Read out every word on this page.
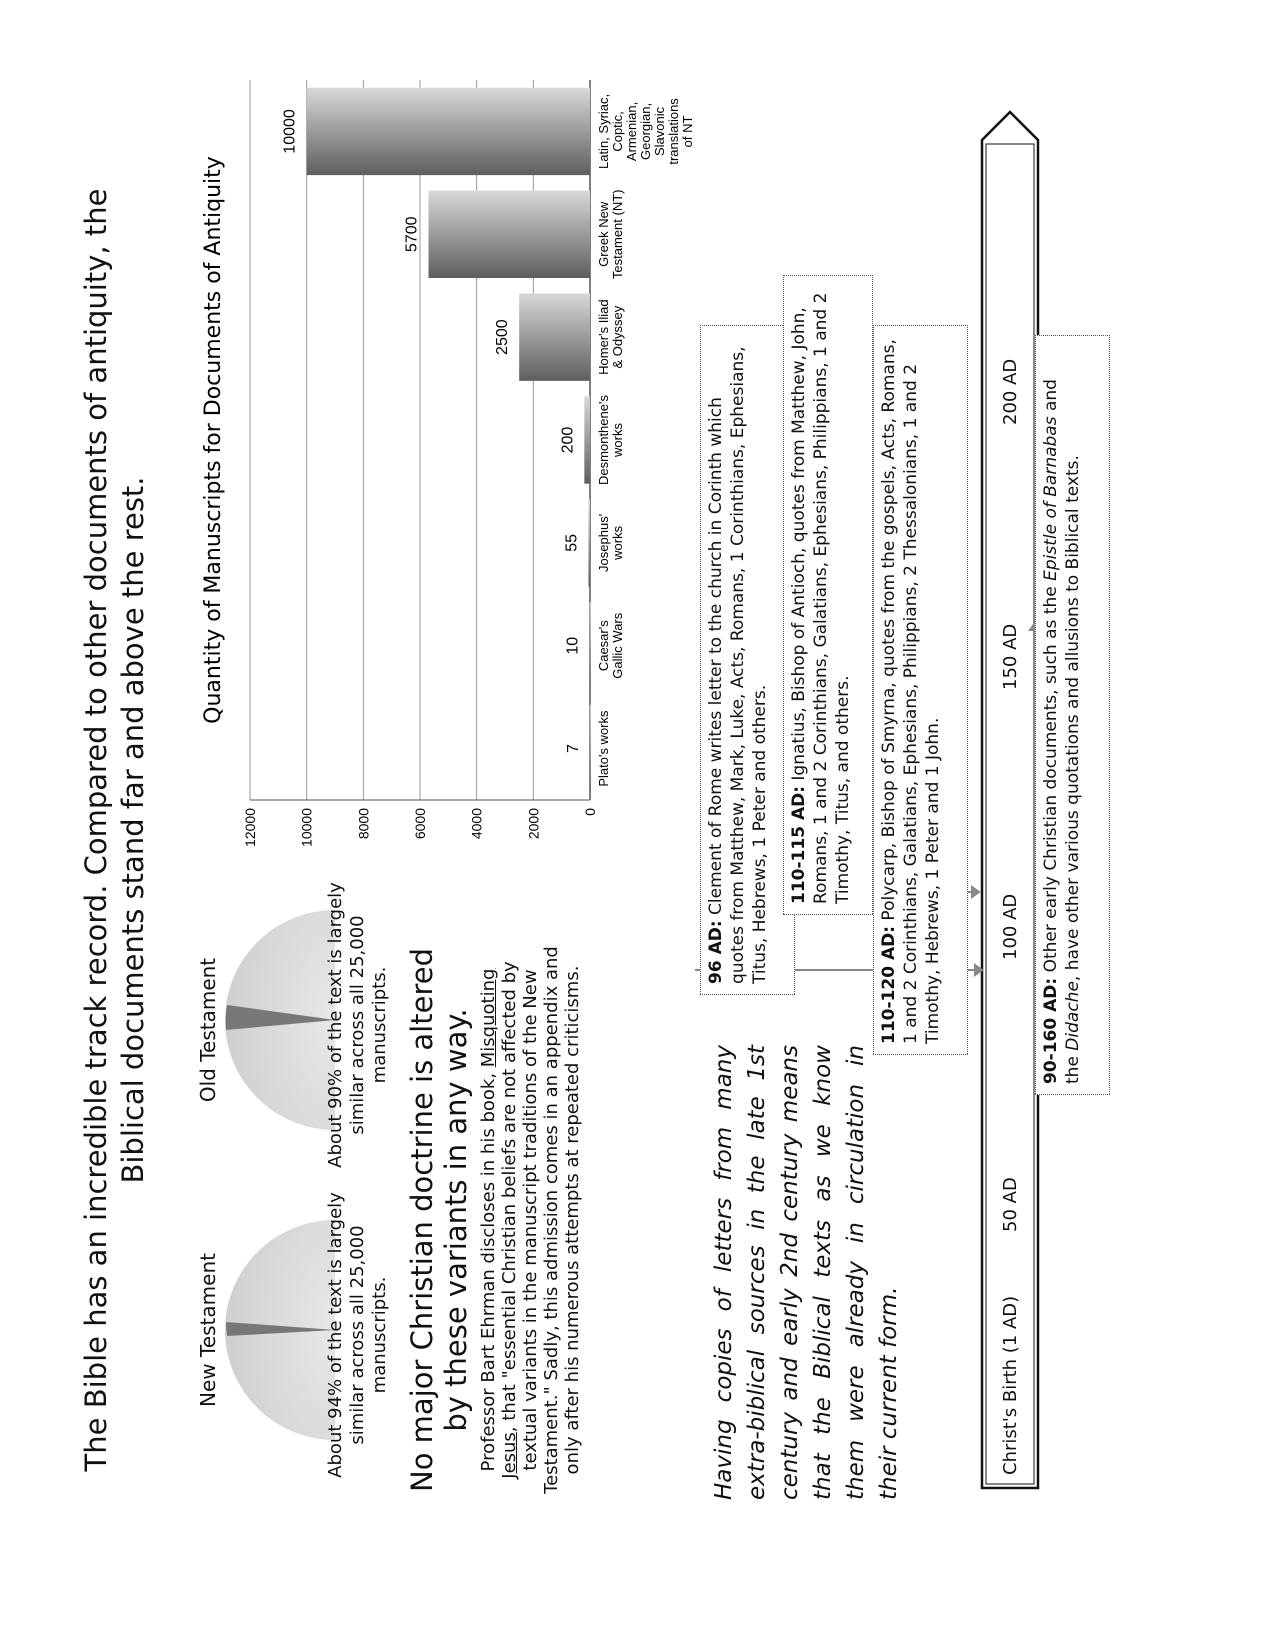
The Bible has an incredible track record. Compared to other documents of antiquity, the Biblical documents stand far and above the rest.
New Testament
Old Testament
About 94% of the text is largely similar across all 25,000 manuscripts.
About 90% of the text is largely similar across all 25,000 manuscripts. No major Christian doctrine is altered by these variants in any way. Professor Bart Ehrman discloses in his book, Misquoting Jesus, that "essential Christian beliefs are not affected by textual variants in the manuscript traditions of the New Testament." Sadly, this admission comes in an appendix and only after his numerous attempts at repeated criticisms.	Having copies of letters from many extra-biblical sources in the late 1st century and early 2nd century means that the Biblical texts as we know them were already in circulation in their current form.
Quantity of Manuscripts for Documents of Antiquity
0
2000
4000
6000
8000
10000
12000
7 Plato's works
10 Caesar'sGallic Wars
55 Josephus'works
200 Desmonthene'sworks
2500	Homer's Iliad& Odyssey
5700	Greek NewTestament (NT)
10000	Latin, Syriac,Coptic,Armenian,Georgian,Slavonictranslationsof NT
Christ's Birth (1 AD)
50 AD
100 AD
150 AD
200 AD
96 AD: Clement of Rome writes letter to the church in Corinth which quotes from Matthew, Mark, Luke, Acts, Romans, 1 Corinthians, Ephesians, Titus, Hebrews, 1 Peter and others.	110-115 AD: Ignatius, Bishop of Antioch, quotes from Matthew, John, Romans, 1 and 2 Corinthians, Galatians, Ephesians, Philippians, 1 and 2 Timothy, Titus, and others.
110-120 AD: Polycarp, Bishop of Smyrna, quotes from the gospels, Acts, Romans, 1 and 2 Corinthians, Galatians, Ephesians, Philippians, 2 Thessalonians, 1 and 2 Timothy, Hebrews, 1 Peter and 1 John.	90-160 AD: Other early Christian documents, such as the Epistle of Barnabas and the Didache, have other various quotations and allusions to Biblical texts.
